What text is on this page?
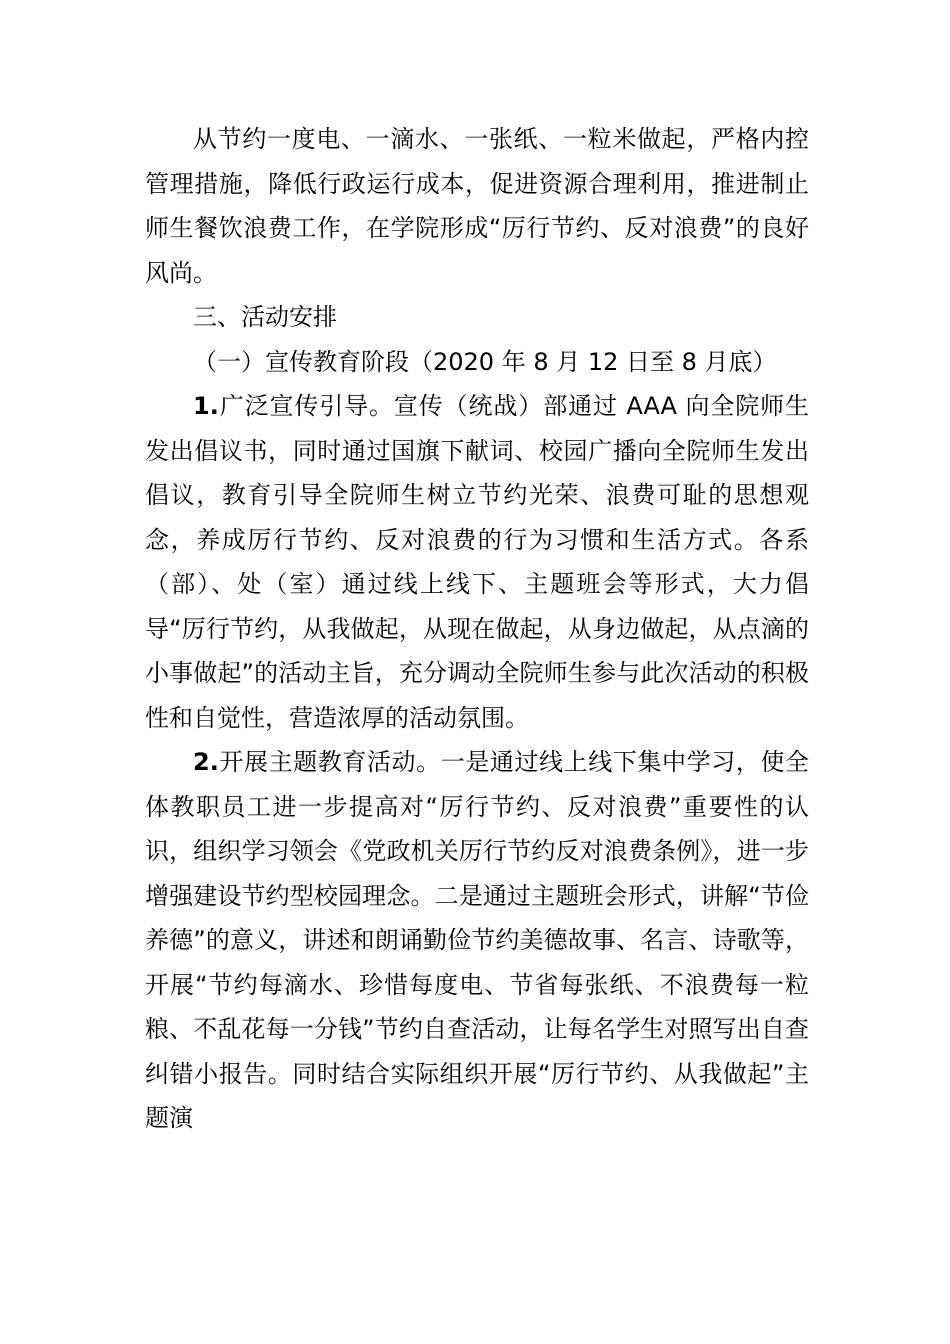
从节约一度电、一滴水、一张纸、一粒米做起，严格内控管理措施，降低行政运行成本，促进资源合理利用，推进制止师生餐饮浪费工作，在学院形成“厉行节约、反对浪费”的良好风尚。

三、活动安排

（一）宣传教育阶段（2020 年 8 月 12 日至 8 月底）

1.广泛宣传引导。宣传（统战）部通过 AAA 向全院师生发出倡议书，同时通过国旗下献词、校园广播向全院师生发出倡议，教育引导全院师生树立节约光荣、浪费可耻的思想观念，养成厉行节约、反对浪费的行为习惯和生活方式。各系（部）、处（室）通过线上线下、主题班会等形式，大力倡导“厉行节约，从我做起，从现在做起，从身边做起，从点滴的小事做起”的活动主旨，充分调动全院师生参与此次活动的积极性和自觉性，营造浓厚的活动氛围。

2.开展主题教育活动。一是通过线上线下集中学习，使全体教职员工进一步提高对“厉行节约、反对浪费”重要性的认识，组织学习领会《党政机关厉行节约反对浪费条例》，进一步增强建设节约型校园理念。二是通过主题班会形式，讲解“节俭养德”的意义，讲述和朗诵勤俭节约美德故事、名言、诗歌等，开展“节约每滴水、珍惜每度电、节省每张纸、不浪费每一粒粮、不乱花每一分钱”节约自查活动，让每名学生对照写出自查纠错小报告。同时结合实际组织开展“厉行节约、从我做起”主题演
